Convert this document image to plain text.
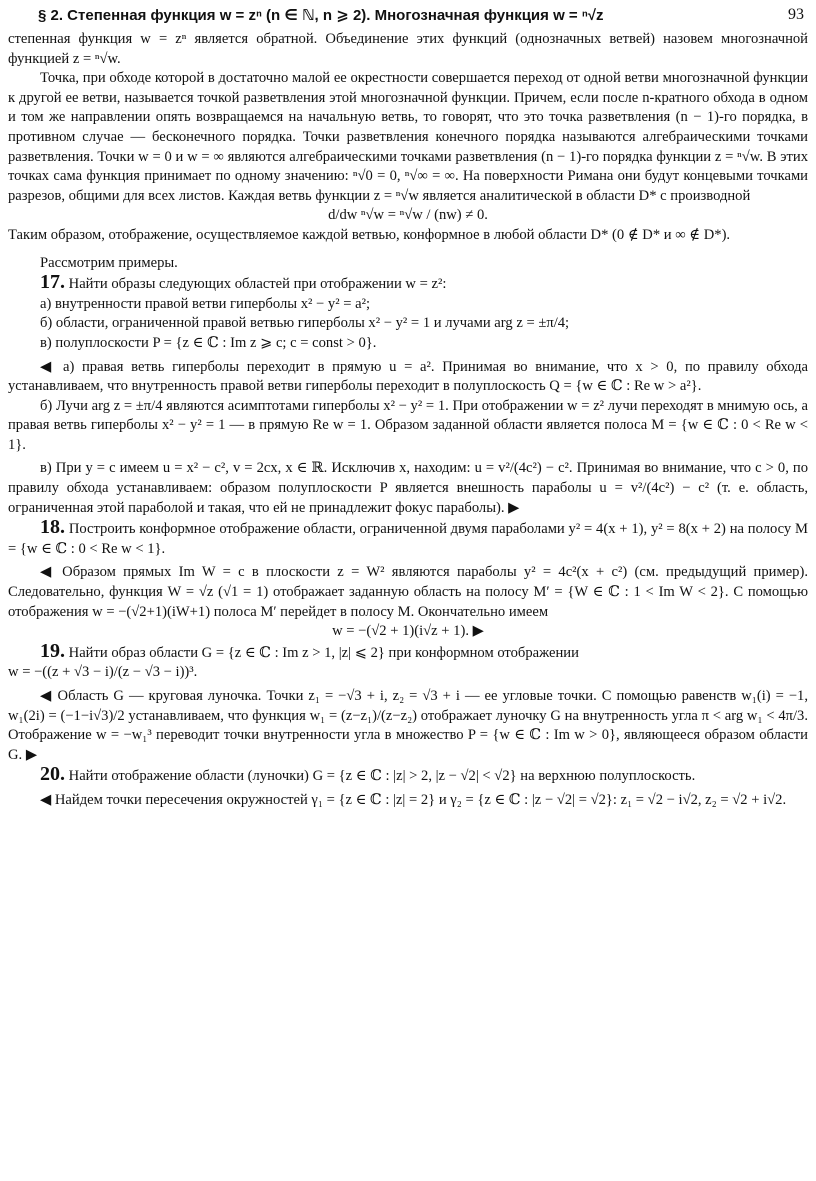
§ 2. Степенная функция w = zⁿ (n ∈ ℕ, n ⩾ 2). Многозначная функция w = ⁿ√z	93

степенная функция w = zⁿ является обратной. Объединение этих функций (однозначных ветвей) назовем многозначной функцией z = ⁿ√w.

Точка, при обходе которой в достаточно малой ее окрестности совершается переход от одной ветви многозначной функции к другой ее ветви, называется точкой разветвления этой многозначной функции. Причем, если после n-кратного обхода в одном и том же направлении опять возвращаемся на начальную ветвь, то говорят, что это точка разветвления (n − 1)-го порядка, в противном случае — бесконечного порядка. Точки разветвления конечного порядка называются алгебраическими точками разветвления. Точки w = 0 и w = ∞ являются алгебраическими точками разветвления (n − 1)-го порядка функции z = ⁿ√w. В этих точках сама функция принимает по одному значению: ⁿ√0 = 0, ⁿ√∞ = ∞. На поверхности Римана они будут концевыми точками разрезов, общими для всех листов. Каждая ветвь функции z = ⁿ√w является аналитической в области D* с производной

d/dw ⁿ√w = ⁿ√w / (nw) ≠ 0.

Таким образом, отображение, осуществляемое каждой ветвью, конформное в любой области D* (0 ∉ D* и ∞ ∉ D*).

Рассмотрим примеры.

17. Найти образы следующих областей при отображении w = z²:

а) внутренности правой ветви гиперболы x² − y² = a²;

б) области, ограниченной правой ветвью гиперболы x² − y² = 1 и лучами arg z = ±π/4;

в) полуплоскости P = {z ∈ ℂ : Im z ⩾ c; c = const > 0}.

◀ а) правая ветвь гиперболы переходит в прямую u = a². Принимая во внимание, что x > 0, по правилу обхода устанавливаем, что внутренность правой ветви гиперболы переходит в полуплоскость Q = {w ∈ ℂ : Re w > a²}.

б) Лучи arg z = ±π/4 являются асимптотами гиперболы x² − y² = 1. При отображении w = z² лучи переходят в мнимую ось, а правая ветвь гиперболы x² − y² = 1 — в прямую Re w = 1. Образом заданной области является полоса M = {w ∈ ℂ : 0 < Re w < 1}.

в) При y = c имеем u = x² − c², v = 2cx, x ∈ ℝ. Исключив x, находим: u = v²/(4c²) − c². Принимая во внимание, что c > 0, по правилу обхода устанавливаем: образом полуплоскости P является внешность параболы u = v²/(4c²) − c² (т. е. область, ограниченная этой параболой и такая, что ей не принадлежит фокус параболы). ▶

18. Построить конформное отображение области, ограниченной двумя параболами y² = 4(x + 1), y² = 8(x + 2) на полосу M = {w ∈ ℂ : 0 < Re w < 1}.

◀ Образом прямых Im W = c в плоскости z = W² являются параболы y² = 4c²(x + c²) (см. предыдущий пример). Следовательно, функция W = √z (√1 = 1) отображает заданную область на полосу M′ = {W ∈ ℂ : 1 < Im W < 2}. С помощью отображения w = −(√2+1)(iW+1) полоса M′ перейдет в полосу M. Окончательно имеем

w = −(√2 + 1)(i√z + 1). ▶

19. Найти образ области G = {z ∈ ℂ : Im z > 1, |z| ⩽ 2} при конформном отображении

w = −((z + √3 − i)/(z − √3 − i))³.

◀ Область G — круговая луночка. Точки z₁ = −√3 + i, z₂ = √3 + i — ее угловые точки. С помощью равенств w₁(i) = −1, w₁(2i) = (−1−i√3)/2 устанавливаем, что функция w₁ = (z−z₁)/(z−z₂) отображает луночку G на внутренность угла π < arg w₁ < 4π/3. Отображение w = −w₁³ переводит точки внутренности угла в множество P = {w ∈ ℂ : Im w > 0}, являющееся образом области G. ▶

20. Найти отображение области (луночки) G = {z ∈ ℂ : |z| > 2, |z − √2| < √2} на верхнюю полуплоскость.

◀ Найдем точки пересечения окружностей γ₁ = {z ∈ ℂ : |z| = 2} и γ₂ = {z ∈ ℂ : |z − √2| = √2}: z₁ = √2 − i√2, z₂ = √2 + i√2.
